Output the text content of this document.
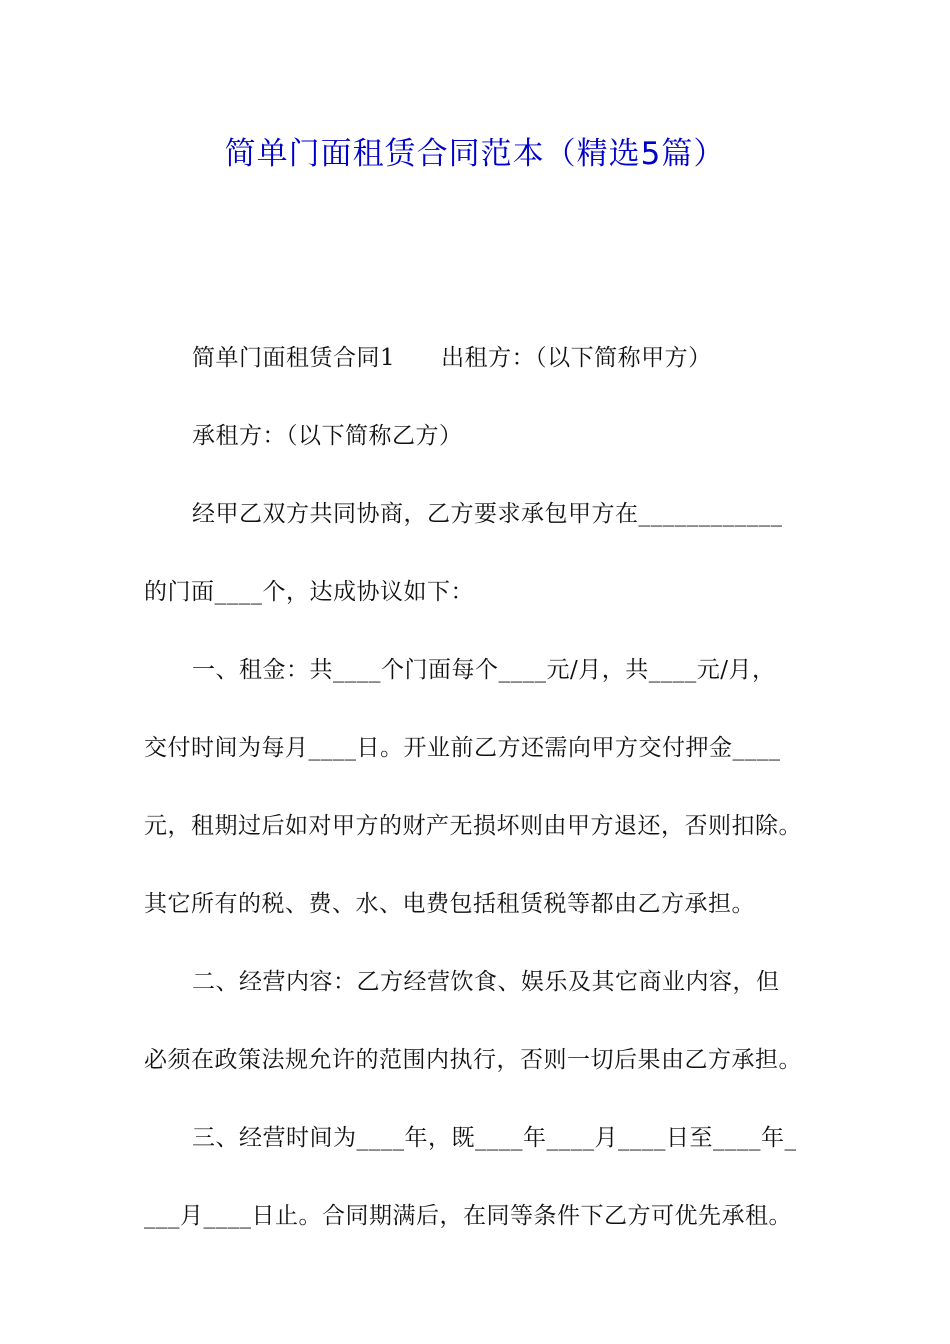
简单门面租赁合同范本（精选5篇）
简单门面租赁合同1 出租方：（以下简称甲方）
承租方：（以下简称乙方）
经甲乙双方共同协商，乙方要求承包甲方在____________
的门面____个，达成协议如下：
一、租金：共____个门面每个____元/月，共____元/月，
交付时间为每月____日。开业前乙方还需向甲方交付押金____
元，租期过后如对甲方的财产无损坏则由甲方退还，否则扣除。
其它所有的税、费、水、电费包括租赁税等都由乙方承担。
二、经营内容：乙方经营饮食、娱乐及其它商业内容，但
必须在政策法规允许的范围内执行，否则一切后果由乙方承担。
三、经营时间为____年，既____年____月____日至____年_
___月____日止。合同期满后，在同等条件下乙方可优先承租。
